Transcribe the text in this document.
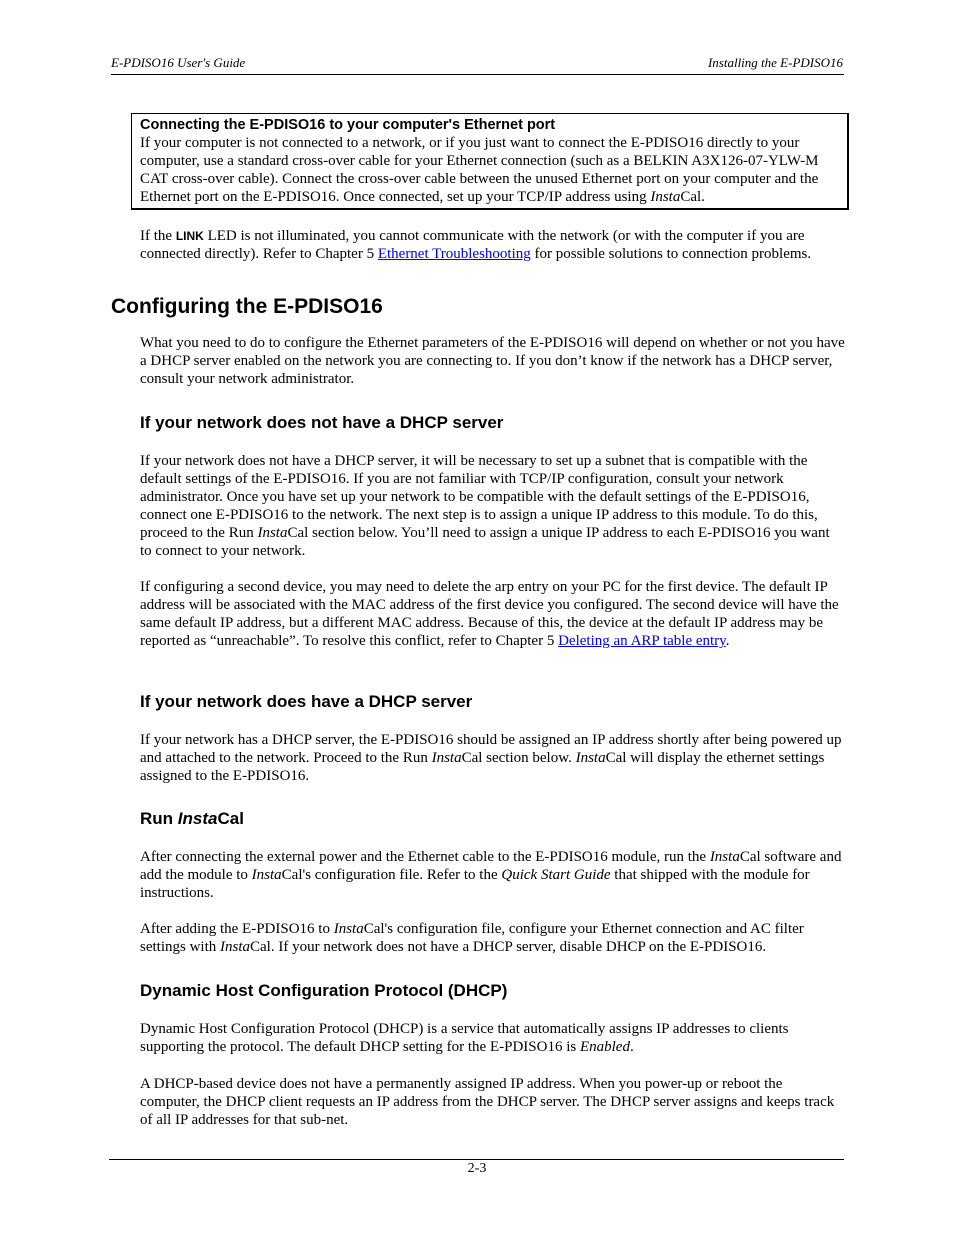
E-PDISO16 User's Guide	Installing the E-PDISO16

Connecting the E-PDISO16 to your computer's Ethernet port

If your computer is not connected to a network, or if you just want to connect the E-PDISO16 directly to your computer, use a standard cross-over cable for your Ethernet connection (such as a BELKIN A3X126-07-YLW-M CAT cross-over cable). Connect the cross-over cable between the unused Ethernet port on your computer and the Ethernet port on the E-PDISO16. Once connected, set up your TCP/IP address using InstaCal.

If the LINK LED is not illuminated, you cannot communicate with the network (or with the computer if you are connected directly). Refer to Chapter 5 Ethernet Troubleshooting for possible solutions to connection problems.

Configuring the E-PDISO16

What you need to do to configure the Ethernet parameters of the E-PDISO16 will depend on whether or not you have a DHCP server enabled on the network you are connecting to. If you don’t know if the network has a DHCP server, consult your network administrator.

If your network does not have a DHCP server

If your network does not have a DHCP server, it will be necessary to set up a subnet that is compatible with the default settings of the E-PDISO16. If you are not familiar with TCP/IP configuration, consult your network administrator. Once you have set up your network to be compatible with the default settings of the E-PDISO16, connect one E-PDISO16 to the network. The next step is to assign a unique IP address to this module. To do this, proceed to the Run InstaCal section below. You’ll need to assign a unique IP address to each E-PDISO16 you want to connect to your network.

If configuring a second device, you may need to delete the arp entry on your PC for the first device. The default IP address will be associated with the MAC address of the first device you configured. The second device will have the same default IP address, but a different MAC address. Because of this, the device at the default IP address may be reported as “unreachable”. To resolve this conflict, refer to Chapter 5 Deleting an ARP table entry.

If your network does have a DHCP server

If your network has a DHCP server, the E-PDISO16 should be assigned an IP address shortly after being powered up and attached to the network. Proceed to the Run InstaCal section below. InstaCal will display the ethernet settings assigned to the E-PDISO16.

Run InstaCal

After connecting the external power and the Ethernet cable to the E-PDISO16 module, run the InstaCal software and add the module to InstaCal's configuration file. Refer to the Quick Start Guide that shipped with the module for instructions.

After adding the E-PDISO16 to InstaCal's configuration file, configure your Ethernet connection and AC filter settings with InstaCal. If your network does not have a DHCP server, disable DHCP on the E-PDISO16.

Dynamic Host Configuration Protocol (DHCP)

Dynamic Host Configuration Protocol (DHCP) is a service that automatically assigns IP addresses to clients supporting the protocol. The default DHCP setting for the E-PDISO16 is Enabled.

A DHCP-based device does not have a permanently assigned IP address. When you power-up or reboot the computer, the DHCP client requests an IP address from the DHCP server. The DHCP server assigns and keeps track of all IP addresses for that sub-net.

2-3
